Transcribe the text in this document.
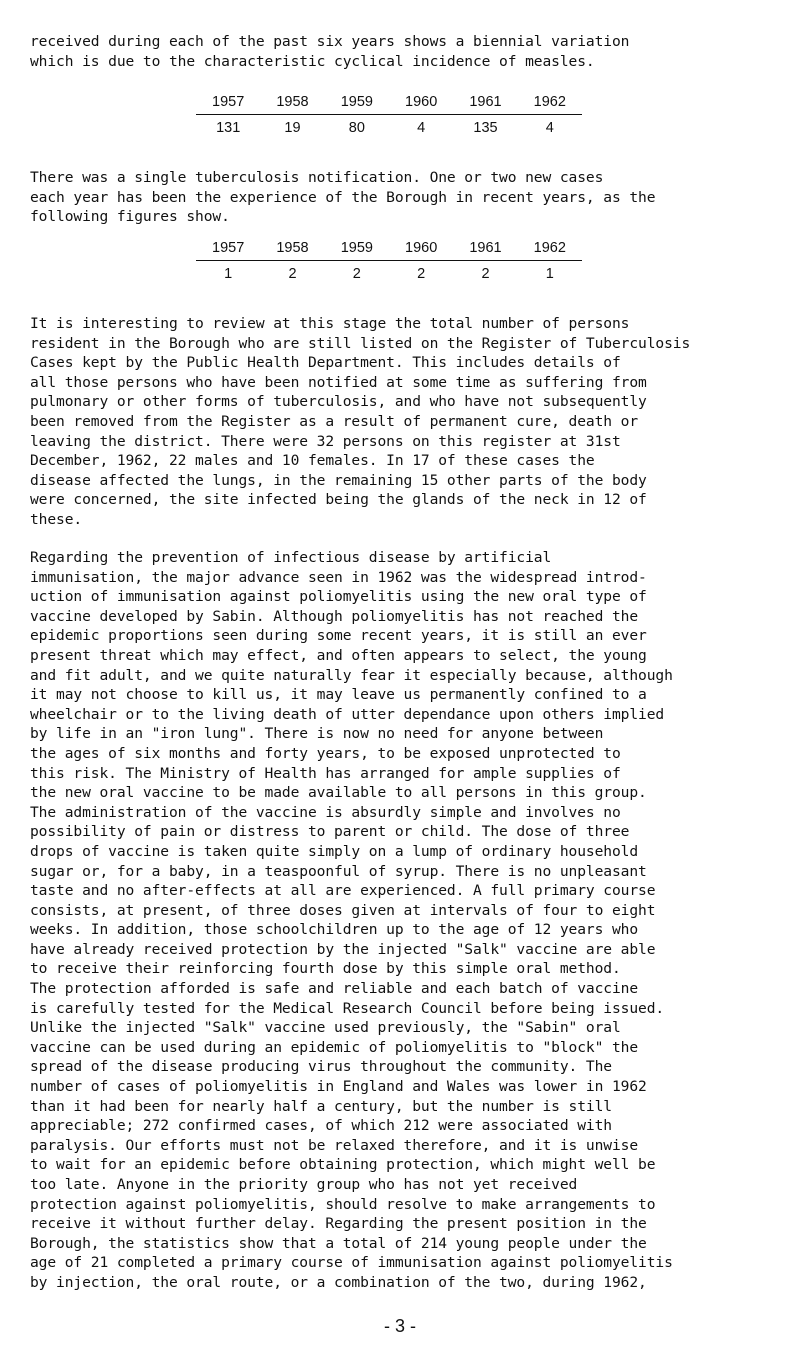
received during each of the past six years shows a biennial variation
which is due to the characteristic cyclical incidence of measles.
1957	1958	1959	1960	1961	1962
131	19	80	4	135	4
There was a single tuberculosis notification. One or two new cases
each year has been the experience of the Borough in recent years, as the
following figures show.
1957	1958	1959	1960	1961	1962
1	2	2	2	2	1
It is interesting to review at this stage the total number of persons
resident in the Borough who are still listed on the Register of Tuberculosis
Cases kept by the Public Health Department. This includes details of
all those persons who have been notified at some time as suffering from
pulmonary or other forms of tuberculosis, and who have not subsequently
been removed from the Register as a result of permanent cure, death or
leaving the district. There were 32 persons on this register at 31st
December, 1962, 22 males and 10 females. In 17 of these cases the
disease affected the lungs, in the remaining 15 other parts of the body
were concerned, the site infected being the glands of the neck in 12 of
these.
Regarding the prevention of infectious disease by artificial
immunisation, the major advance seen in 1962 was the widespread introd-
uction of immunisation against poliomyelitis using the new oral type of
vaccine developed by Sabin. Although poliomyelitis has not reached the
epidemic proportions seen during some recent years, it is still an ever
present threat which may effect, and often appears to select, the young
and fit adult, and we quite naturally fear it especially because, although
it may not choose to kill us, it may leave us permanently confined to a
wheelchair or to the living death of utter dependance upon others implied
by life in an "iron lung". There is now no need for anyone between
the ages of six months and forty years, to be exposed unprotected to
this risk. The Ministry of Health has arranged for ample supplies of
the new oral vaccine to be made available to all persons in this group.
The administration of the vaccine is absurdly simple and involves no
possibility of pain or distress to parent or child. The dose of three
drops of vaccine is taken quite simply on a lump of ordinary household
sugar or, for a baby, in a teaspoonful of syrup. There is no unpleasant
taste and no after-effects at all are experienced. A full primary course
consists, at present, of three doses given at intervals of four to eight
weeks. In addition, those schoolchildren up to the age of 12 years who
have already received protection by the injected "Salk" vaccine are able
to receive their reinforcing fourth dose by this simple oral method.
The protection afforded is safe and reliable and each batch of vaccine
is carefully tested for the Medical Research Council before being issued.
Unlike the injected "Salk" vaccine used previously, the "Sabin" oral
vaccine can be used during an epidemic of poliomyelitis to "block" the
spread of the disease producing virus throughout the community. The
number of cases of poliomyelitis in England and Wales was lower in 1962
than it had been for nearly half a century, but the number is still
appreciable; 272 confirmed cases, of which 212 were associated with
paralysis. Our efforts must not be relaxed therefore, and it is unwise
to wait for an epidemic before obtaining protection, which might well be
too late. Anyone in the priority group who has not yet received
protection against poliomyelitis, should resolve to make arrangements to
receive it without further delay. Regarding the present position in the
Borough, the statistics show that a total of 214 young people under the
age of 21 completed a primary course of immunisation against poliomyelitis
by injection, the oral route, or a combination of the two, during 1962,
- 3 -
